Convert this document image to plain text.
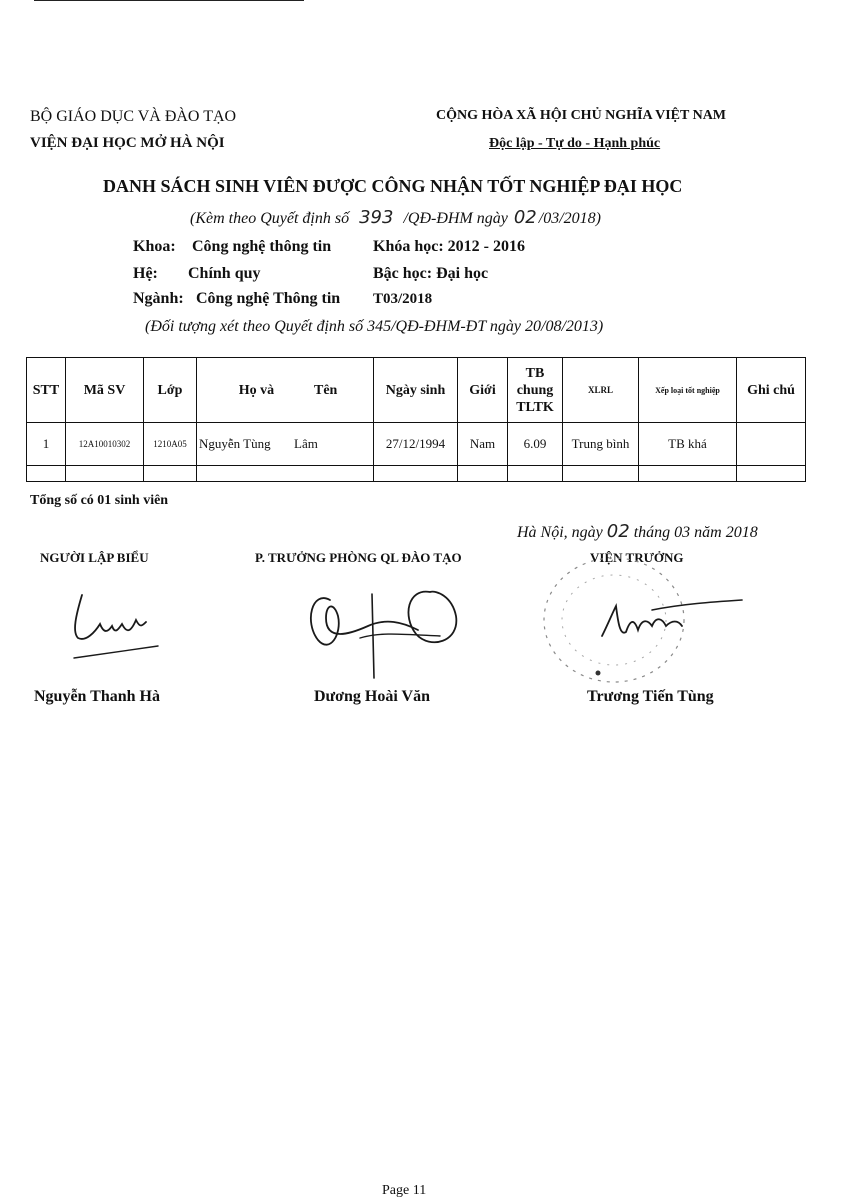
BỘ GIÁO DỤC VÀ ĐÀO TẠO
VIỆN ĐẠI HỌC MỞ HÀ NỘI
CỘNG HÒA XÃ HỘI CHỦ NGHĨA VIỆT NAM
Độc lập - Tự do - Hạnh phúc
DANH SÁCH SINH VIÊN ĐƯỢC CÔNG NHẬN TỐT NGHIỆP ĐẠI HỌC
(Kèm theo Quyết định số 393 /QĐ-ĐHM ngày 02 /03/2018)
Khoa: Công nghệ thông tin	Khóa học: 2012 - 2016
Hệ: Chính quy	Bậc học: Đại học
Ngành: Công nghệ Thông tin T03/2018
(Đối tượng xét theo Quyết định số 345/QĐ-ĐHM-ĐT ngày 20/08/2013)
STT	Mã SV	Lớp	Họ và Tên	Ngày sinh	Giới	TB chung TLTK	XLRL	Xếp loại tốt nghiệp	Ghi chú
1	12A10010302	1210A05	Nguyễn Tùng Lâm	27/12/1994	Nam	6.09	Trung bình	TB khá	

Tổng số có 01 sinh viên
Hà Nội, ngày 02 tháng 03 năm 2018
NGƯỜI LẬP BIỂU	P. TRƯỞNG PHÒNG QL ĐÀO TẠO	VIỆN TRƯỞNG
Nguyễn Thanh Hà	Dương Hoài Văn	Trương Tiến Tùng
Page 11
